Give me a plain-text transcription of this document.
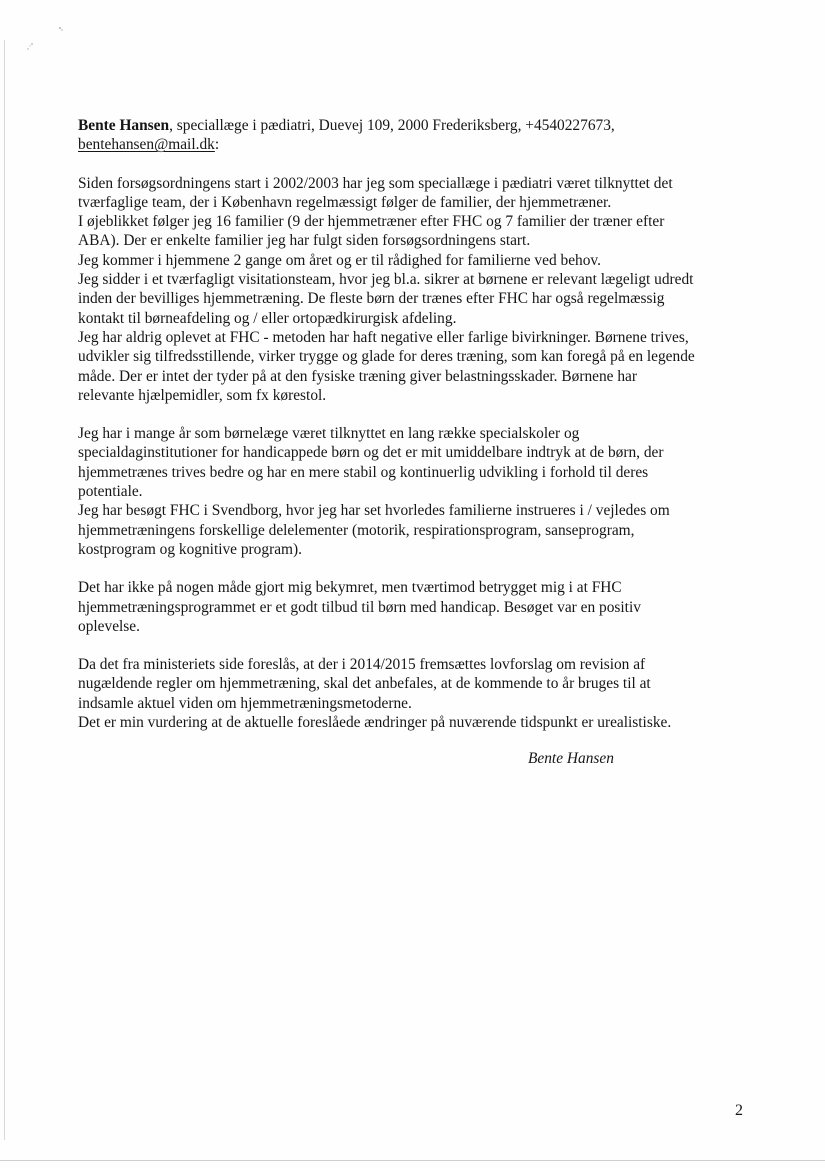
Bente Hansen, speciallæge i pædiatri, Duevej 109, 2000 Frederiksberg, +4540227673,
bentehansen@mail.dk:
Siden forsøgsordningens start i 2002/2003 har jeg som speciallæge i pædiatri været tilknyttet det
tværfaglige team, der i København regelmæssigt følger de familier, der hjemmetræner.
I øjeblikket følger jeg 16 familier (9 der hjemmetræner efter FHC og 7 familier der træner efter
ABA). Der er enkelte familier jeg har fulgt siden forsøgsordningens start.
Jeg kommer i hjemmene 2 gange om året og er til rådighed for familierne ved behov.
Jeg sidder i et tværfagligt visitationsteam, hvor jeg bl.a. sikrer at børnene er relevant lægeligt udredt
inden der bevilliges hjemmetræning. De fleste børn der trænes efter FHC har også regelmæssig
kontakt til børneafdeling og / eller ortopædkirurgisk afdeling.
Jeg har aldrig oplevet at FHC - metoden har haft negative eller farlige bivirkninger. Børnene trives,
udvikler sig tilfredsstillende, virker trygge og glade for deres træning, som kan foregå på en legende
måde. Der er intet der tyder på at den fysiske træning giver belastningsskader. Børnene har
relevante hjælpemidler, som fx kørestol.
Jeg har i mange år som børnelæge været tilknyttet en lang række specialskoler og
specialdaginstitutioner for handicappede børn og det er mit umiddelbare indtryk at de børn, der
hjemmetrænes trives bedre og har en mere stabil og kontinuerlig udvikling i forhold til deres
potentiale.
Jeg har besøgt FHC i Svendborg, hvor jeg har set hvorledes familierne instrueres i / vejledes om
hjemmetræningens forskellige delelementer (motorik, respirationsprogram, sanseprogram,
kostprogram og kognitive program).
Det har ikke på nogen måde gjort mig bekymret, men tværtimod betrygget mig i at FHC
hjemmetræningsprogrammet er et godt tilbud til børn med handicap. Besøget var en positiv
oplevelse.
Da det fra ministeriets side foreslås, at der i 2014/2015 fremsættes lovforslag om revision af
nugældende regler om hjemmetræning, skal det anbefales, at de kommende to år bruges til at
indsamle aktuel viden om hjemmetræningsmetoderne.
Det er min vurdering at de aktuelle foreslåede ændringer på nuværende tidspunkt er urealistiske.
Bente Hansen
2
